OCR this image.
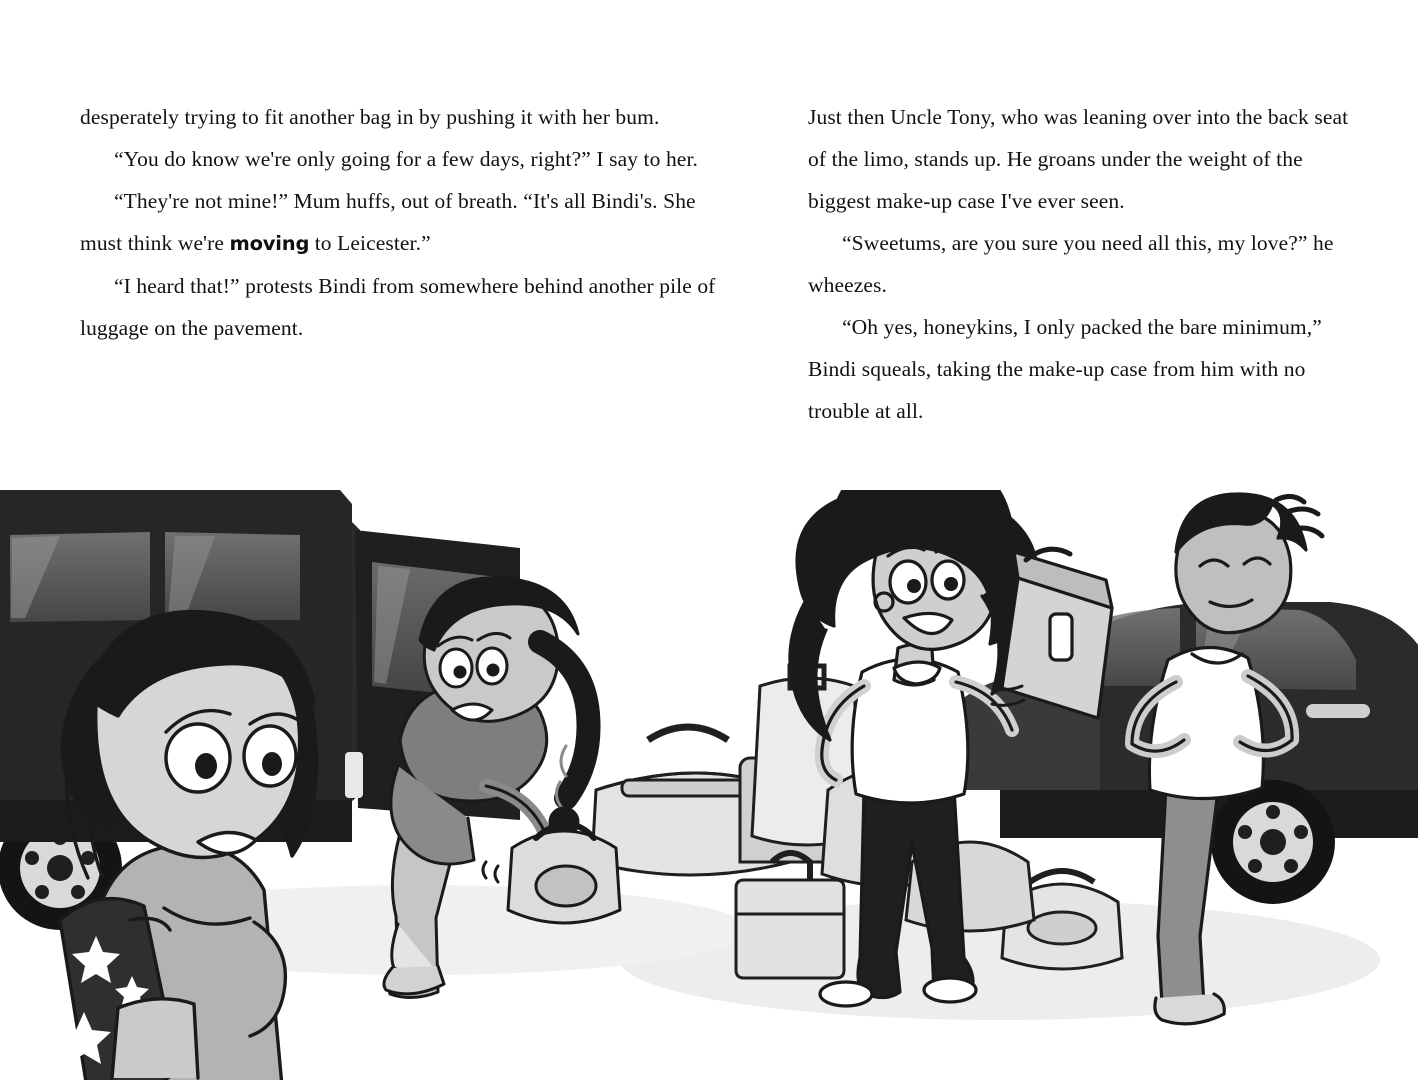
desperately trying to fit another bag in by pushing it with her bum.

“You do know we're only going for a few days, right?” I say to her.

“They're not mine!” Mum huffs, out of breath. “It's all Bindi's. She must think we're moving to Leicester.”

“I heard that!” protests Bindi from somewhere behind another pile of luggage on the pavement.

Just then Uncle Tony, who was leaning over into the back seat of the limo, stands up. He groans under the weight of the biggest make-up case I've ever seen.

“Sweetums, are you sure you need all this, my love?” he wheezes.

“Oh yes, honeykins, I only packed the bare minimum,” Bindi squeals, taking the make-up case from him with no trouble at all.
